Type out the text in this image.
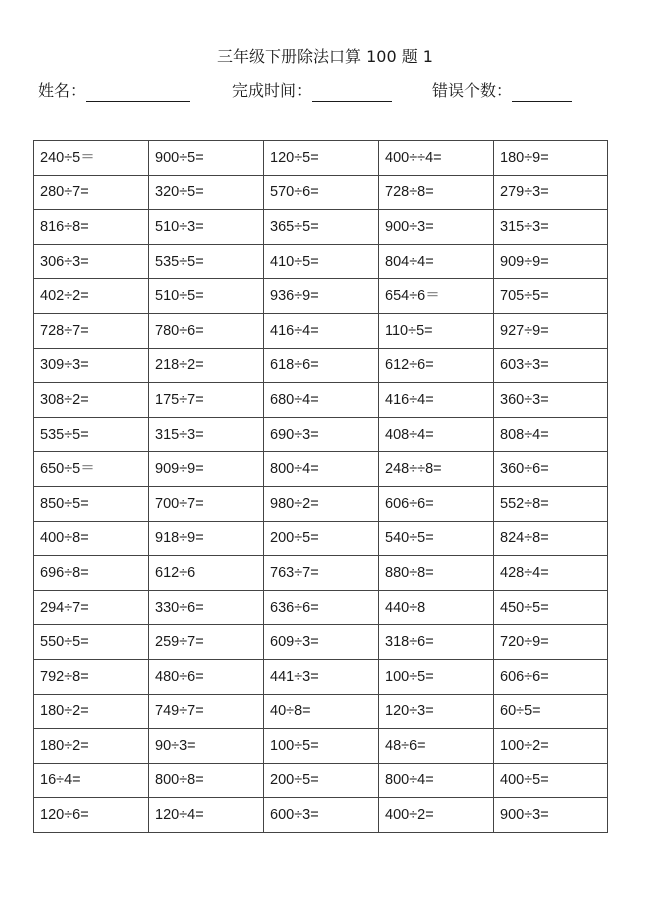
三年级下册除法口算 100 题 1
姓名：	完成时间：	错误个数：
240÷5＝	900÷5=	120÷5=	400÷÷4=	180÷9=
280÷7=	320÷5=	570÷6=	728÷8=	279÷3=
816÷8=	510÷3=	365÷5=	900÷3=	315÷3=
306÷3=	535÷5=	410÷5=	804÷4=	909÷9=
402÷2=	510÷5=	936÷9=	654÷6＝	705÷5=
728÷7=	780÷6=	416÷4=	110÷5=	927÷9=
309÷3=	218÷2=	618÷6=	612÷6=	603÷3=
308÷2=	175÷7=	680÷4=	416÷4=	360÷3=
535÷5=	315÷3=	690÷3=	408÷4=	808÷4=
650÷5＝	909÷9=	800÷4=	248÷÷8=	360÷6=
850÷5=	700÷7=	980÷2=	606÷6=	552÷8=
400÷8=	918÷9=	200÷5=	540÷5=	824÷8=
696÷8=	612÷6	763÷7=	880÷8=	428÷4=
294÷7=	330÷6=	636÷6=	440÷8	450÷5=
550÷5=	259÷7=	609÷3=	318÷6=	720÷9=
792÷8=	480÷6=	441÷3=	100÷5=	606÷6=
180÷2=	749÷7=	40÷8=	120÷3=	60÷5=
180÷2=	90÷3=	100÷5=	48÷6=	100÷2=
16÷4=	800÷8=	200÷5=	800÷4=	400÷5=
120÷6=	120÷4=	600÷3=	400÷2=	900÷3=
